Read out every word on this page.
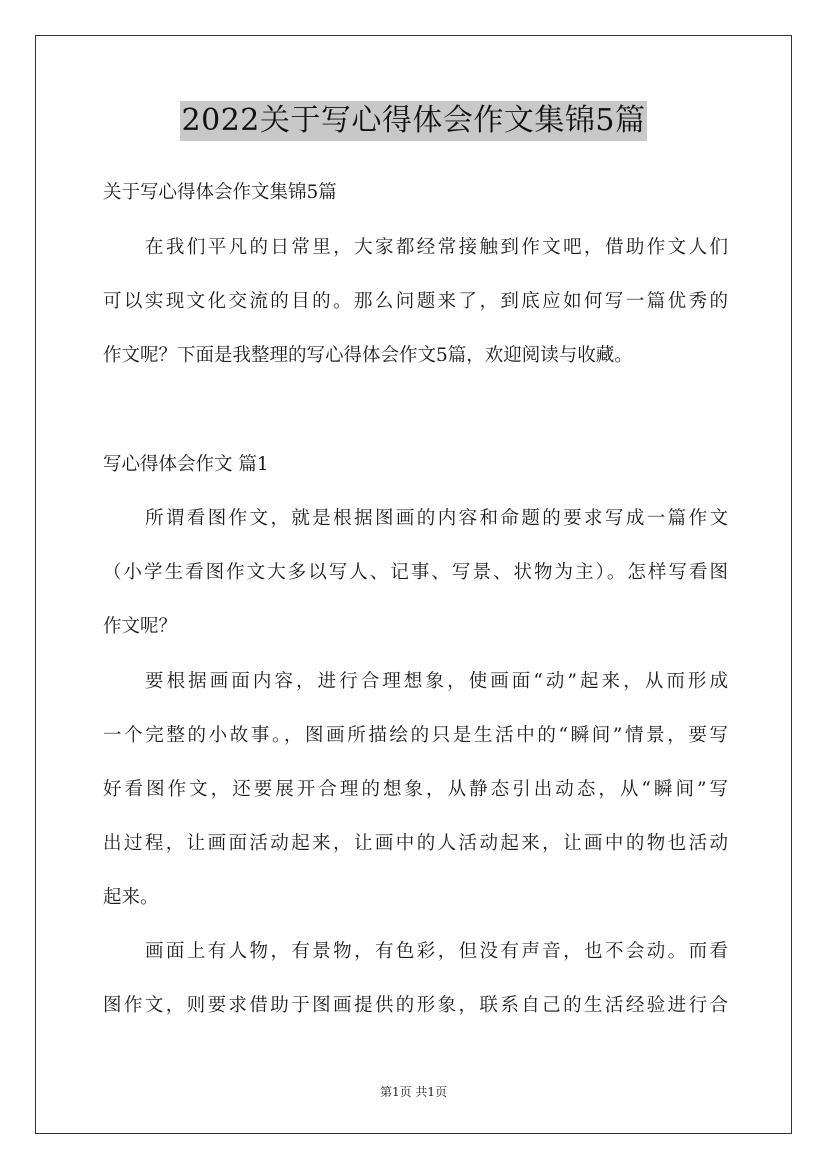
2022关于写心得体会作文集锦5篇
关于写心得体会作文集锦5篇
在我们平凡的日常里，大家都经常接触到作文吧，借助作文人们
可以实现文化交流的目的。那么问题来了，到底应如何写一篇优秀的
作文呢？下面是我整理的写心得体会作文5篇，欢迎阅读与收藏。
写心得体会作文 篇1
所谓看图作文，就是根据图画的内容和命题的要求写成一篇作文
（小学生看图作文大多以写人、记事、写景、状物为主）。怎样写看图
作文呢？
要根据画面内容，进行合理想象，使画面“动”起来，从而形成
一个完整的小故事。，图画所描绘的只是生活中的“瞬间”情景，要写
好看图作文，还要展开合理的想象，从静态引出动态，从“瞬间”写
出过程，让画面活动起来，让画中的人活动起来，让画中的物也活动
起来。
画面上有人物，有景物，有色彩，但没有声音，也不会动。而看
图作文，则要求借助于图画提供的形象，联系自己的生活经验进行合
第1页 共1页
